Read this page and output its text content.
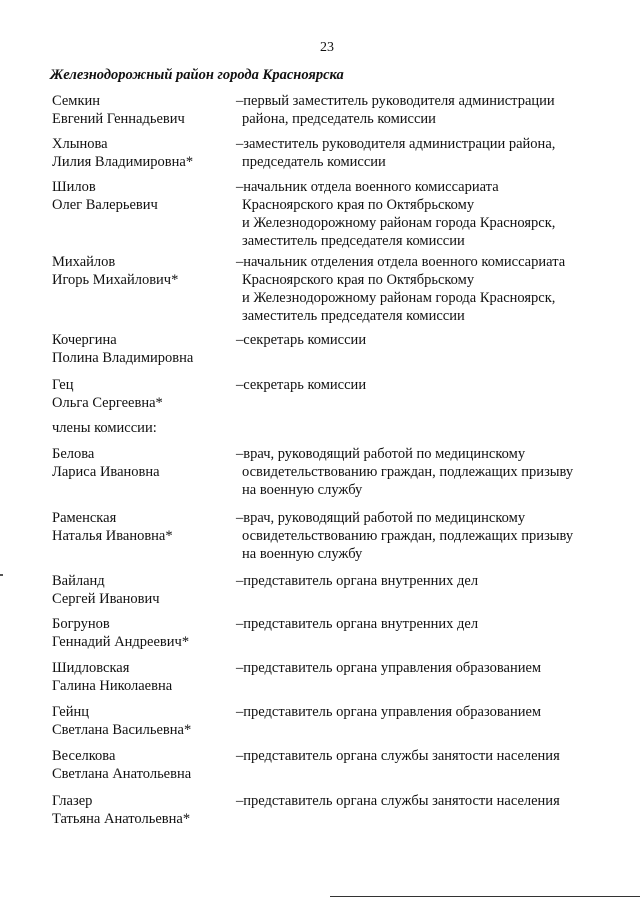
23
Железнодорожный район города Красноярска
Семкин
Евгений Геннадьевич
–первый заместитель руководителя администрации
района, председатель комиссии
Хлынова
Лилия Владимировна*
–заместитель руководителя администрации района,
председатель комиссии
Шилов
Олег Валерьевич
–начальник отдела военного комиссариата
Красноярского края по Октябрьскому
и Железнодорожному районам города Красноярск,
заместитель председателя комиссии
Михайлов
Игорь Михайлович*
–начальник отделения отдела военного комиссариата
Красноярского края по Октябрьскому
и Железнодорожному районам города Красноярск,
заместитель председателя комиссии
Кочергина
Полина Владимировна
–секретарь комиссии
Гец
Ольга Сергеевна*
–секретарь комиссии
члены комиссии:
Белова
Лариса Ивановна
–врач, руководящий работой по медицинскому
освидетельствованию граждан, подлежащих призыву
на военную службу
Раменская
Наталья Ивановна*
–врач, руководящий работой по медицинскому
освидетельствованию граждан, подлежащих призыву
на военную службу
Вайланд
Сергей Иванович
–представитель органа внутренних дел
Богрунов
Геннадий Андреевич*
–представитель органа внутренних дел
Шидловская
Галина Николаевна
–представитель органа управления образованием
Гейнц
Светлана Васильевна*
–представитель органа управления образованием
Веселкова
Светлана Анатольевна
–представитель органа службы занятости населения
Глазер
Татьяна Анатольевна*
–представитель органа службы занятости населения
